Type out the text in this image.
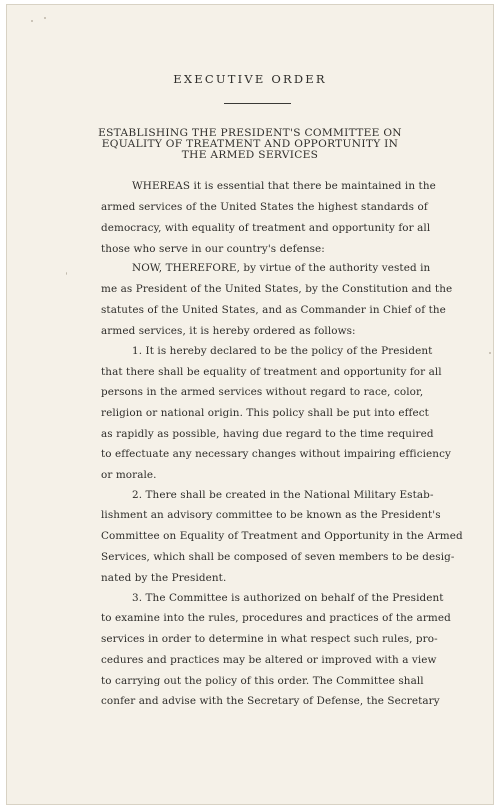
EXECUTIVE ORDER
ESTABLISHING THE PRESIDENT'S COMMITTEE ON
EQUALITY OF TREATMENT AND OPPORTUNITY IN
THE ARMED SERVICES
WHEREAS it is essential that there be maintained in the
armed services of the United States the highest standards of
democracy, with equality of treatment and opportunity for all
those who serve in our country's defense:
NOW, THEREFORE, by virtue of the authority vested in
me as President of the United States, by the Constitution and the
statutes of the United States, and as Commander in Chief of the
armed services, it is hereby ordered as follows:
1. It is hereby declared to be the policy of the President
that there shall be equality of treatment and opportunity for all
persons in the armed services without regard to race, color,
religion or national origin. This policy shall be put into effect
as rapidly as possible, having due regard to the time required
to effectuate any necessary changes without impairing efficiency
or morale.
2. There shall be created in the National Military Estab-
lishment an advisory committee to be known as the President's
Committee on Equality of Treatment and Opportunity in the Armed
Services, which shall be composed of seven members to be desig-
nated by the President.
3. The Committee is authorized on behalf of the President
to examine into the rules, procedures and practices of the armed
services in order to determine in what respect such rules, pro-
cedures and practices may be altered or improved with a view
to carrying out the policy of this order. The Committee shall
confer and advise with the Secretary of Defense, the Secretary
